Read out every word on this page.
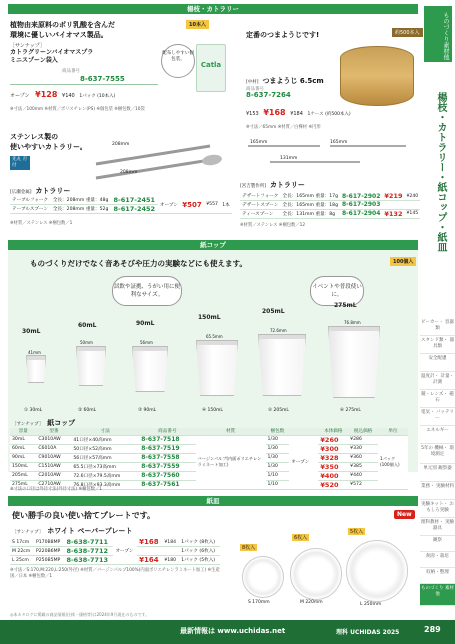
ものづくり素材他
楊枝・カトラリー・紙コップ・紙皿
ビーカー・ 容器類
スタンド類・ 器具類
安全配慮
温度計・ 計量・計測
鏡・レンズ・ 磁石
電気・ バッテリー
エネルギー
5年の 機械・ 環境測定
単元別 観察器
業務・ 実験材料
実験キット・ おもしろ実験
理科教材・ 実験器具
観察
飼育・栽培
収納・整理
ものづくり 素材 他
楊枝・カトラリー
植物由来原料のポリ乳酸を含んだ
環境に優しいバイオマス製品。
10本入
［サンナップ］
カトラグリーンバイオマスプラ
ミニスプーン袋入
配布しやすい個包装。
Catla
商品番号
8-637-7555
オープン ¥128 ¥140 1パック (10本入)
※寸法／100mm ※材質／ポリスチレン(PS) ※個包装 ※梱包数／10袋
定番のつまようじです!	約500本入
[中村] つまようじ 6.5cm
商品番号
8-637-7264
¥153 ¥168 ¥184 1ケース (約500本入)
※寸法／65mm ※材質／白樺材 ※円形
ステンレス製の
使いやすいカトラリー。
先丸 刃付
208mm
208mm
[広瀬金属] カトラリー
テーブルフォーク	全長：208mm 重量：48g	8-617-2451	オープン	¥507	¥557	1本
テーブルスプーン	全長：208mm 重量：52g	8-617-2452				
※材質／ステンレス ※梱包数／1
165mm	165mm
131mm
[宮吉製作所] カトラリー
デザートフォーク	全長：165mm 重量：17g	8-617-2902	¥219	¥240
デザートスプーン	全長：165mm 重量：18g	8-617-2903		
ティースプーン	全長：131mm 重量：8g	8-617-2904	¥132	¥145
※材質／ステンレス ※梱包数／12
紙コップ
ものづくりだけでなく音あそびや圧力の実験などにも使えます。	100個入
試飲や証拠、うがい用に便利なサイズ。
イベントや普段使いに。
30mL
① 30mL
41mm
60mL
② 60mL
50mm
90mL
③ 90mL
56mm
150mL
④ 150mL
65.5mm
205mL
⑤ 205mL
72.6mm
275mL
⑥ 275mL
76.8mm
［サンナップ］ 紙コップ
容量	型番	寸法	商品番号	材質	梱包数		本体価格	税込価格	単位
30mL	C3010AW	41口径×40高mm	8-637-7518	バージンパルプ(内面ポリエチレンラミネート加工)	1/30	オープン	¥260	¥286	1パック (100個入)
60mL	C6010A	50口径×52高mm	8-637-7519		1/30		¥300	¥330	
90mL	C9010AW	56口径×57高mm	8-637-7558		1/30		¥328	¥360	
150mL	C1510AW	65.5口径×73高mm	8-637-7559		1/30		¥350	¥385	
205mL	C2010AW	72.6口径×79.5高mm	8-637-7560		1/10		¥400	¥440	
275mL	C2710AW	76.8口径×93.3高mm	8-637-7561		1/10		¥520	¥572	
※寸法の口径は外径寸法(外径寸法) ※梱包数／1
紙皿
使い勝手の良い使い捨てプレートです。	New
［サンナップ］ ホワイト ペーパープレート
S 17cm	P170B8MP	8-638-7711	オープン	¥168	¥184	1パック (8枚入)
M 22cm	P220B6MP	8-638-7712				1パック (6枚入)
L 25cm	P250B5MP	8-638-7713		¥164	¥180	1パック (5枚入)
※寸法／S:170,M:220,L:250(外径) ※材質／バージンパルプ100%(内面ポリエチレンラミネート加工) ※生産国／日本 ※梱包数／1
8枚入
S 170mm
6枚入
M 220mm
5枚入
L 250mm
◎本カタログに掲載の商品情報(仕様・価格等)は2024年9月現在のものです。
最新情報は www.uchidas.net	理科 UCHIDAS 2025	289
